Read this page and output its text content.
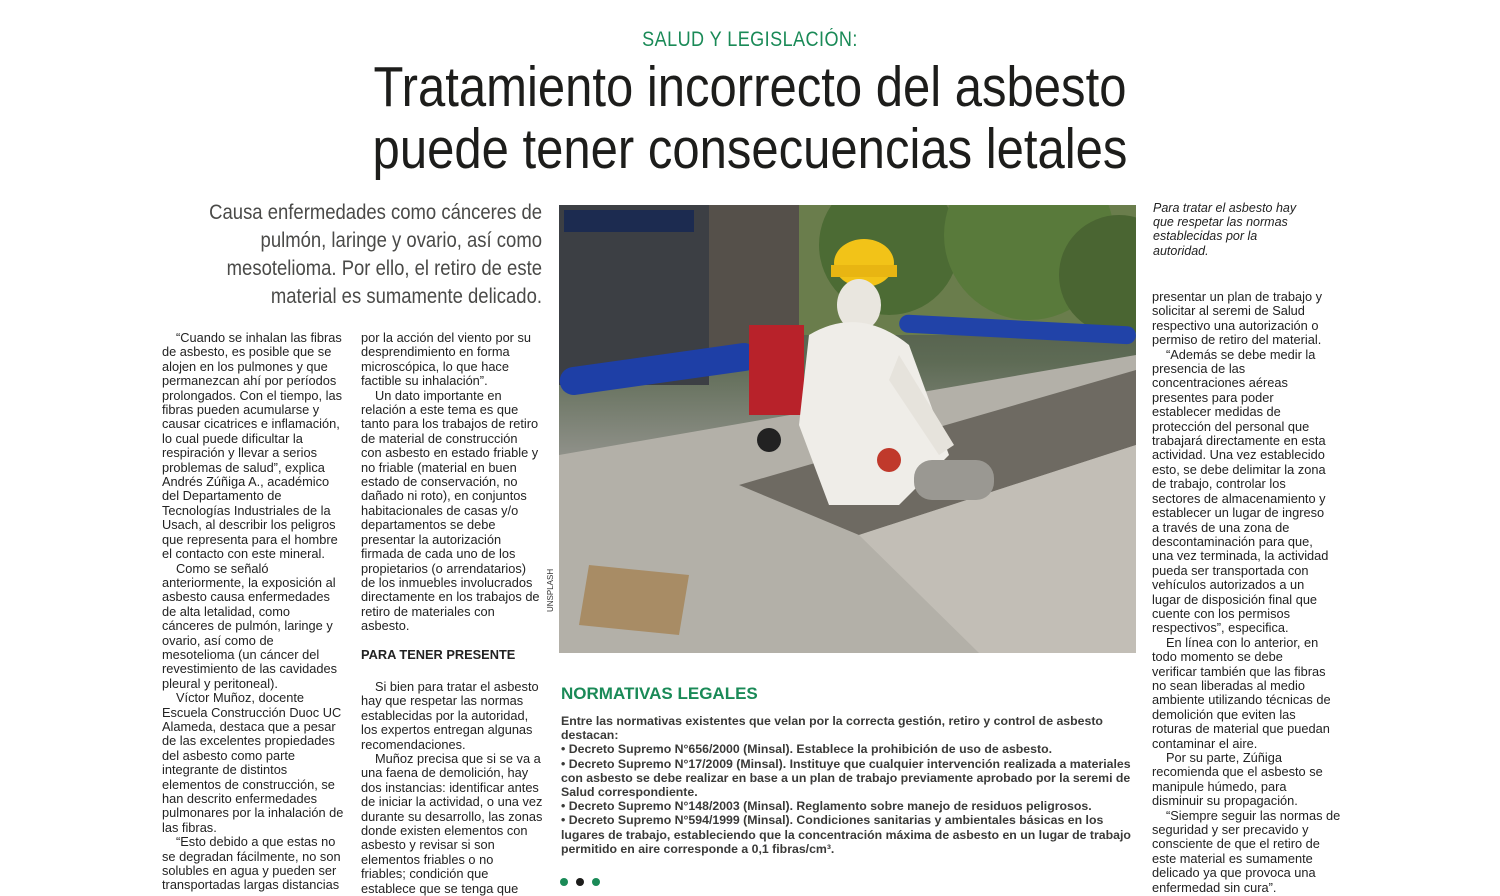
SALUD Y LEGISLACIÓN:
Tratamiento incorrecto del asbesto
puede tener consecuencias letales

Causa enfermedades como cánceres de

pulmón, laringe y ovario, así como

mesotelioma. Por ello, el retiro de este

material es sumamente delicado.

“Cuando se inhalan las fibras

de asbesto, es posible que se

alojen en los pulmones y que

permanezcan ahí por períodos

prolongados. Con el tiempo, las

fibras pueden acumularse y

causar cicatrices e inflamación,

lo cual puede dificultar la

respiración y llevar a serios

problemas de salud”, explica

Andrés Zúñiga A., académico

del Departamento de

Tecnologías Industriales de la

Usach, al describir los peligros

que representa para el hombre

el contacto con este mineral.

Como se señaló

anteriormente, la exposición al

asbesto causa enfermedades

de alta letalidad, como

cánceres de pulmón, laringe y

ovario, así como de

mesotelioma (un cáncer del

revestimiento de las cavidades

pleural y peritoneal).

Víctor Muñoz, docente

Escuela Construcción Duoc UC

Alameda, destaca que a pesar

de las excelentes propiedades

del asbesto como parte

integrante de distintos

elementos de construcción, se

han descrito enfermedades

pulmonares por la inhalación de

las fibras.

“Esto debido a que estas no

se degradan fácilmente, no son

solubles en agua y pueden ser

transportadas largas distancias

por la acción del viento por su

desprendimiento en forma

microscópica, lo que hace

factible su inhalación”.

Un dato importante en

relación a este tema es que

tanto para los trabajos de retiro

de material de construcción

con asbesto en estado friable y

no friable (material en buen

estado de conservación, no

dañado ni roto), en conjuntos

habitacionales de casas y/o

departamentos se debe

presentar la autorización

firmada de cada uno de los

propietarios (o arrendatarios)

de los inmuebles involucrados

directamente en los trabajos de

retiro de materiales con

asbesto.

PARA TENER PRESENTE

Si bien para tratar el asbesto

hay que respetar las normas

establecidas por la autoridad,

los expertos entregan algunas

recomendaciones.

Muñoz precisa que si se va a

una faena de demolición, hay

dos instancias: identificar antes

de iniciar la actividad, o una vez

durante su desarrollo, las zonas

donde existen elementos con

asbesto y revisar si son

elementos friables o no

friables; condición que

establece que se tenga que

presentar un plan de trabajo y

solicitar al seremi de Salud

respectivo una autorización o

permiso de retiro del material.

“Además se debe medir la

presencia de las

concentraciones aéreas

presentes para poder

establecer medidas de

protección del personal que

trabajará directamente en esta

actividad. Una vez establecido

esto, se debe delimitar la zona

de trabajo, controlar los

sectores de almacenamiento y

establecer un lugar de ingreso

a través de una zona de

descontaminación para que,

una vez terminada, la actividad

pueda ser transportada con

vehículos autorizados a un

lugar de disposición final que

cuente con los permisos

respectivos”, especifica.

En línea con lo anterior, en

todo momento se debe

verificar también que las fibras

no sean liberadas al medio

ambiente utilizando técnicas de

demolición que eviten las

roturas de material que puedan

contaminar el aire.

Por su parte, Zúñiga

recomienda que el asbesto se

manipule húmedo, para

disminuir su propagación.

“Siempre seguir las normas de

seguridad y ser precavido y

consciente de que el retiro de

este material es sumamente

delicado ya que provoca una

enfermedad sin cura”.

UNSPLASH

Para tratar el asbesto hay

que respetar las normas

establecidas por la

autoridad.

NORMATIVAS LEGALES

Entre las normativas existentes que velan por la correcta gestión, retiro y control de asbesto

destacan:

• Decreto Supremo N°656/2000 (Minsal). Establece la prohibición de uso de asbesto.

• Decreto Supremo N°17/2009 (Minsal). Instituye que cualquier intervención realizada a materiales

con asbesto se debe realizar en base a un plan de trabajo previamente aprobado por la seremi de

Salud correspondiente.

• Decreto Supremo N°148/2003 (Minsal). Reglamento sobre manejo de residuos peligrosos.

• Decreto Supremo N°594/1999 (Minsal). Condiciones sanitarias y ambientales básicas en los

lugares de trabajo, estableciendo que la concentración máxima de asbesto en un lugar de trabajo

permitido en aire corresponde a 0,1 fibras/cm³.
